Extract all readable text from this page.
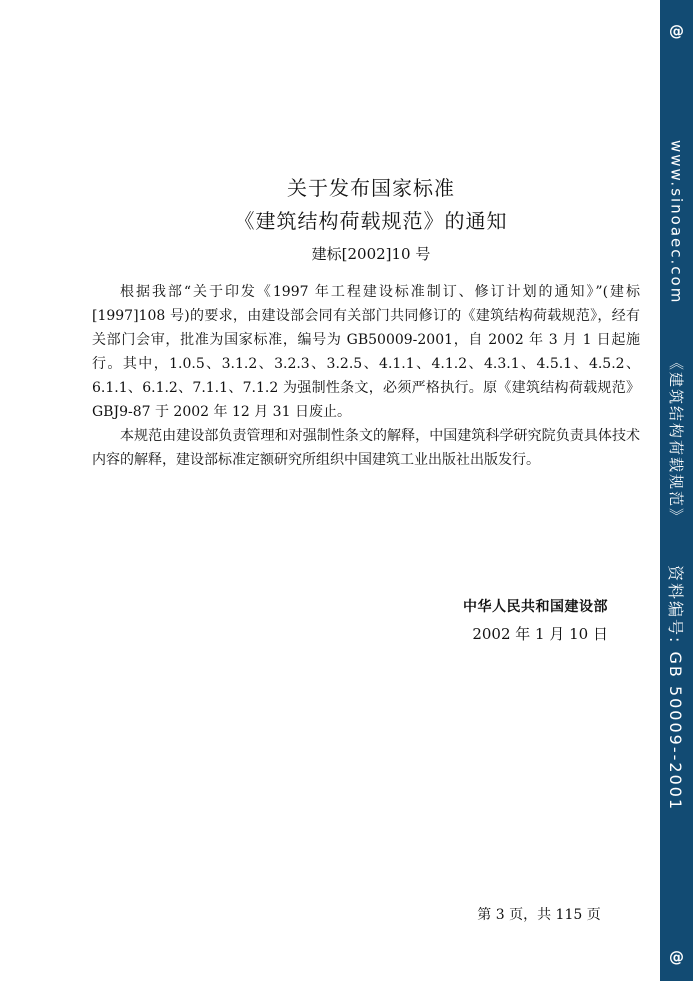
关于发布国家标准
《建筑结构荷载规范》的通知
建标[2002]10 号

根据我部“关于印发《1997 年工程建设标准制订、修订计划的通知》”(建标[1997]108 号)的要求，由建设部会同有关部门共同修订的《建筑结构荷载规范》，经有关部门会审，批准为国家标准，编号为 GB50009-2001，自 2002 年 3 月 1 日起施行。其中，1.0.5、3.1.2、3.2.3、3.2.5、4.1.1、4.1.2、4.3.1、4.5.1、4.5.2、6.1.1、6.1.2、7.1.1、7.1.2 为强制性条文，必须严格执行。原《建筑结构荷载规范》GBJ9-87 于 2002 年 12 月 31 日废止。

本规范由建设部负责管理和对强制性条文的解释，中国建筑科学研究院负责具体技术内容的解释，建设部标准定额研究所组织中国建筑工业出版社出版发行。

中华人民共和国建设部
2002 年 1 月 10 日
第 3 页，共 115 页
@
www.sinoaec.com
《建筑结构荷载规范》
资料编号: GB 50009--2001
@
